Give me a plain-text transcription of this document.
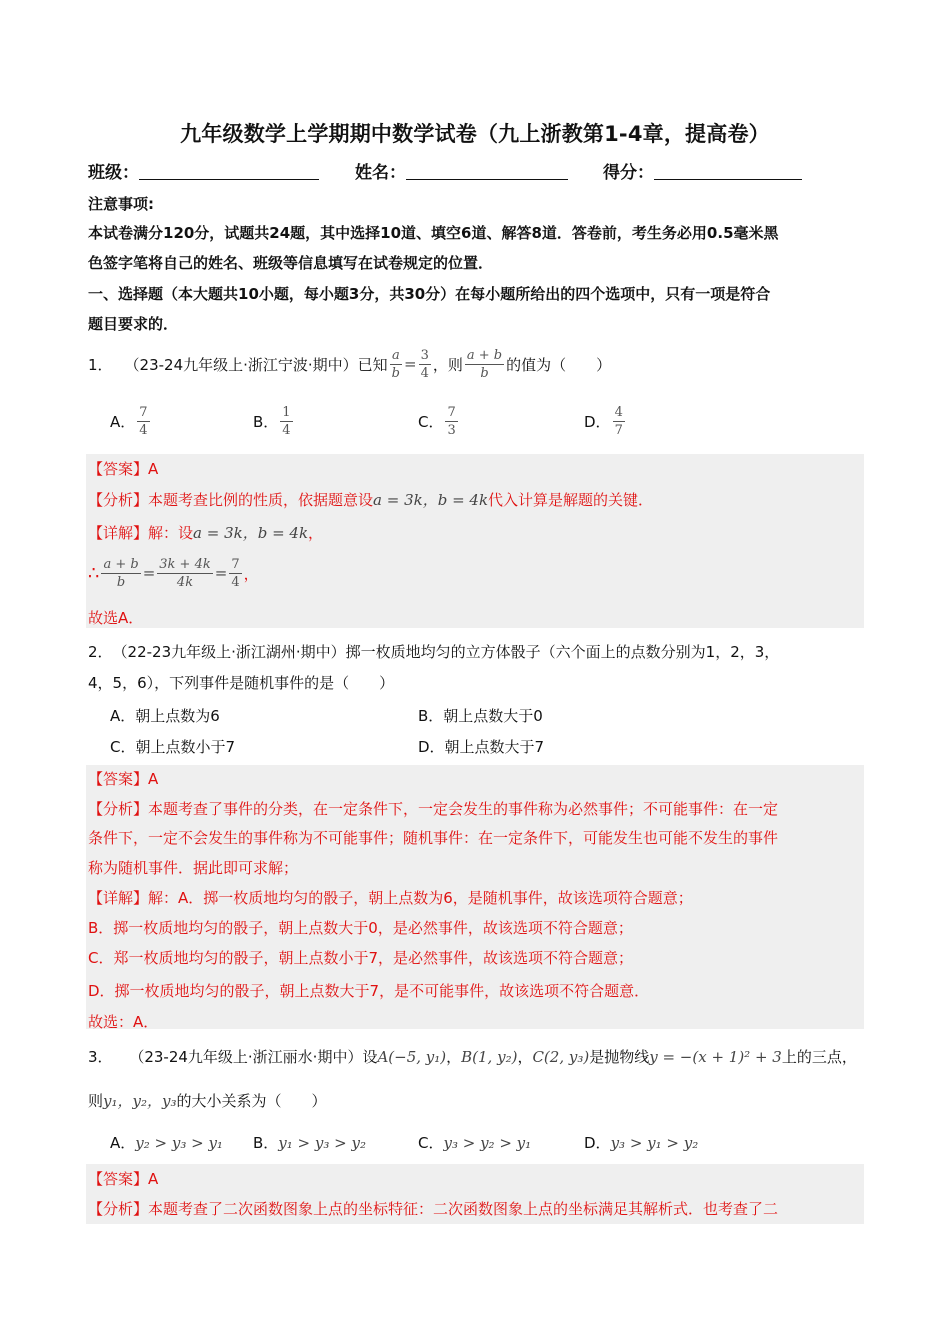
九年级数学上学期期中数学试卷（九上浙教第1-4章，提高卷）
班级：	姓名：	得分：
注意事项:
本试卷满分120分，试题共24题，其中选择10道、填空6道、解答8道．答卷前，考生务必用0.5毫米黑
色签字笔将自己的姓名、班级等信息填写在试卷规定的位置．
一、选择题（本大题共10小题，每小题3分，共30分）在每小题所给出的四个选项中，只有一项是符合
题目要求的．
1． （23-24九年级上·浙江宁波·期中）已知 $\frac{a}{b} = \frac{3}{4}$ ，则 $\frac{a + b}{b}$ 的值为（　　）
A． $\frac{7}{4}$	B． $\frac{1}{4}$	C． $\frac{7}{3}$	D． $\frac{4}{7}$
【答案】A
【分析】本题考查比例的性质，依据题意设a = 3k，b = 4k代入计算是解题的关键．
【详解】解：设a = 3k，b = 4k，
∴ $\frac{a + b}{b} = \frac{3k + 4k}{4k} = \frac{7}{4}$ ，
故选A．
2．　（22-23九年级上·浙江湖州·期中）掷一枚质地均匀的立方体骰子（六个面上的点数分别为1，2，3，
4，5，6），下列事件是随机事件的是（　　）
A．朝上点数为6	B．朝上点数大于0
C．朝上点数小于7	D．朝上点数大于7
【答案】A
【分析】本题考查了事件的分类，在一定条件下，一定会发生的事件称为必然事件；不可能事件：在一定
条件下，一定不会发生的事件称为不可能事件；随机事件：在一定条件下，可能发生也可能不发生的事件
称为随机事件．据此即可求解；
【详解】解：A．掷一枚质地均匀的骰子，朝上点数为6，是随机事件，故该选项符合题意；
B．掷一枚质地均匀的骰子，朝上点数大于0，是必然事件，故该选项不符合题意；
C．郑一枚质地均匀的骰子，朝上点数小于7，是必然事件，故该选项不符合题意；
D．掷一枚质地均匀的骰子，朝上点数大于7，是不可能事件，故该选项不符合题意．
故选：A．
3． （23-24九年级上·浙江丽水·期中）设A(−5, y₁)，B(1, y₂)，C(2, y₃)是抛物线y = −(x + 1)² + 3上的三点，
则y₁，y₂，y₃的大小关系为（　　）
A．y₂ > y₃ > y₁ B．y₁ > y₃ > y₂	C．y₃ > y₂ > y₁	D．y₃ > y₁ > y₂
【答案】A
【分析】本题考查了二次函数图象上点的坐标特征：二次函数图象上点的坐标满足其解析式．也考查了二
